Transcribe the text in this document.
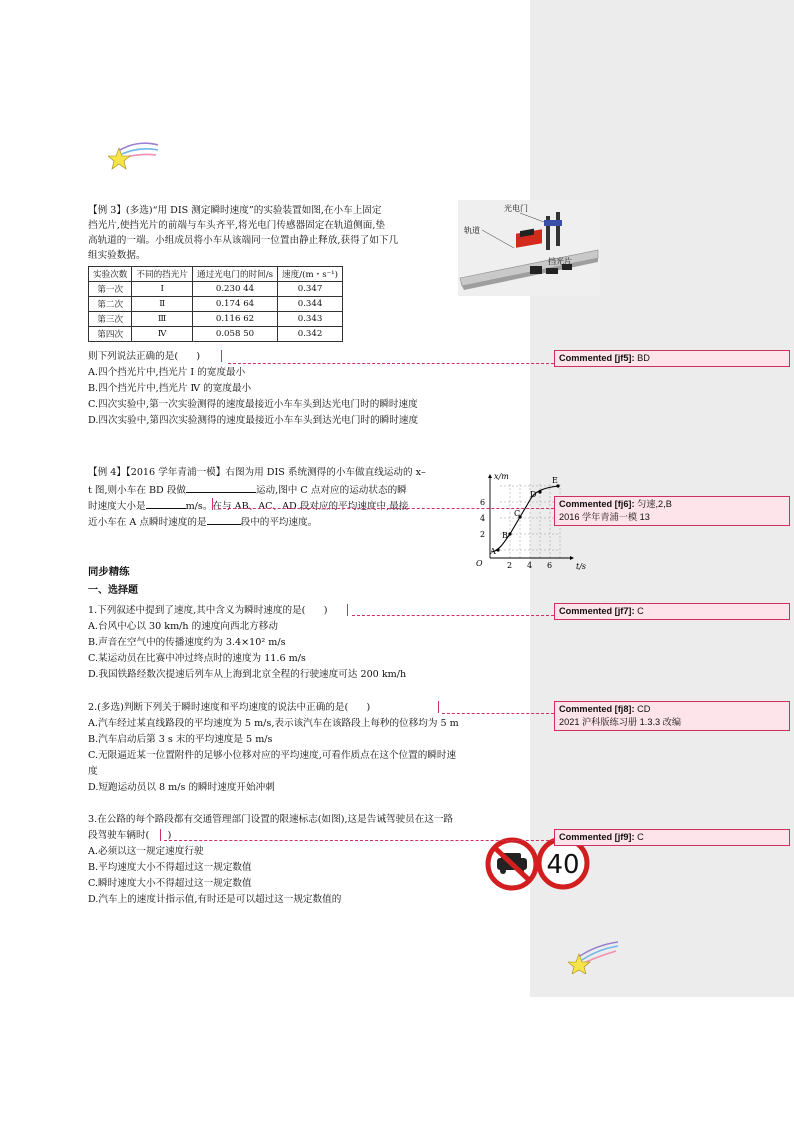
【例 3】(多选)“用 DIS 测定瞬时速度”的实验装置如图,在小车上固定
挡光片,使挡光片的前端与车头齐平,将光电门传感器固定在轨道侧面,垫
高轨道的一端。小组成员将小车从该端同一位置由静止释放,获得了如下几
组实验数据。
光电门
轨道
挡光片
实验次数	不同的挡光片	通过光电门的时间/s	速度/(m・s⁻¹)
第一次	Ⅰ	0.230 44	0.347
第二次	Ⅱ	0.174 64	0.344
第三次	Ⅲ	0.116 62	0.343
第四次	Ⅳ	0.058 50	0.342
则下列说法正确的是( )
A.四个挡光片中,挡光片 Ⅰ 的宽度最小
B.四个挡光片中,挡光片 Ⅳ 的宽度最小
C.四次实验中,第一次实验测得的速度最接近小车车头到达光电门时的瞬时速度
D.四次实验中,第四次实验测得的速度最接近小车车头到达光电门时的瞬时速度
【例 4】【2016 学年青浦一模】右图为用 DIS 系统测得的小车做直线运动的 x–
t 图,则小车在 BD 段做	运动,图中 C 点对应的运动状态的瞬
时速度大小是	m/s。在与 AB、AC、AD 段对应的平均速度中,最接
近小车在 A 点瞬时速度的是	段中的平均速度。
x/m
t/s
O
2
4
6
2 4 6
A
B
C
D
E
同步精练
一、选择题
1.下列叙述中提到了速度,其中含义为瞬时速度的是( )
A.台风中心以 30 km/h 的速度向西北方移动
B.声音在空气中的传播速度约为 3.4×10² m/s
C.某运动员在比赛中冲过终点时的速度为 11.6 m/s
D.我国铁路经数次提速后列车从上海到北京全程的行驶速度可达 200 km/h
2.(多选)判断下列关于瞬时速度和平均速度的说法中正确的是( )
A.汽车经过某直线路段的平均速度为 5 m/s,表示该汽车在该路段上每秒的位移均为 5 m
B.汽车启动后第 3 s 末的平均速度是 5 m/s
C.无限逼近某一位置附件的足够小位移对应的平均速度,可看作质点在这个位置的瞬时速
度
D.短跑运动员以 8 m/s 的瞬时速度开始冲刺
3.在公路的每个路段都有交通管理部门设置的限速标志(如图),这是告诫驾驶员在这一路
段驾驶车辆时( )
A.必须以这一规定速度行驶
B.平均速度大小不得超过这一规定数值
C.瞬时速度大小不得超过这一规定数值
D.汽车上的速度计指示值,有时还是可以超过这一规定数值的
40
Commented [jf5]: BD
Commented [fj6]: 匀速,2,B
2016 学年青浦一模 13
Commented [jf7]: C
Commented [fj8]: CD
2021 沪科版练习册 1.3.3 改编
Commented [jf9]: C
